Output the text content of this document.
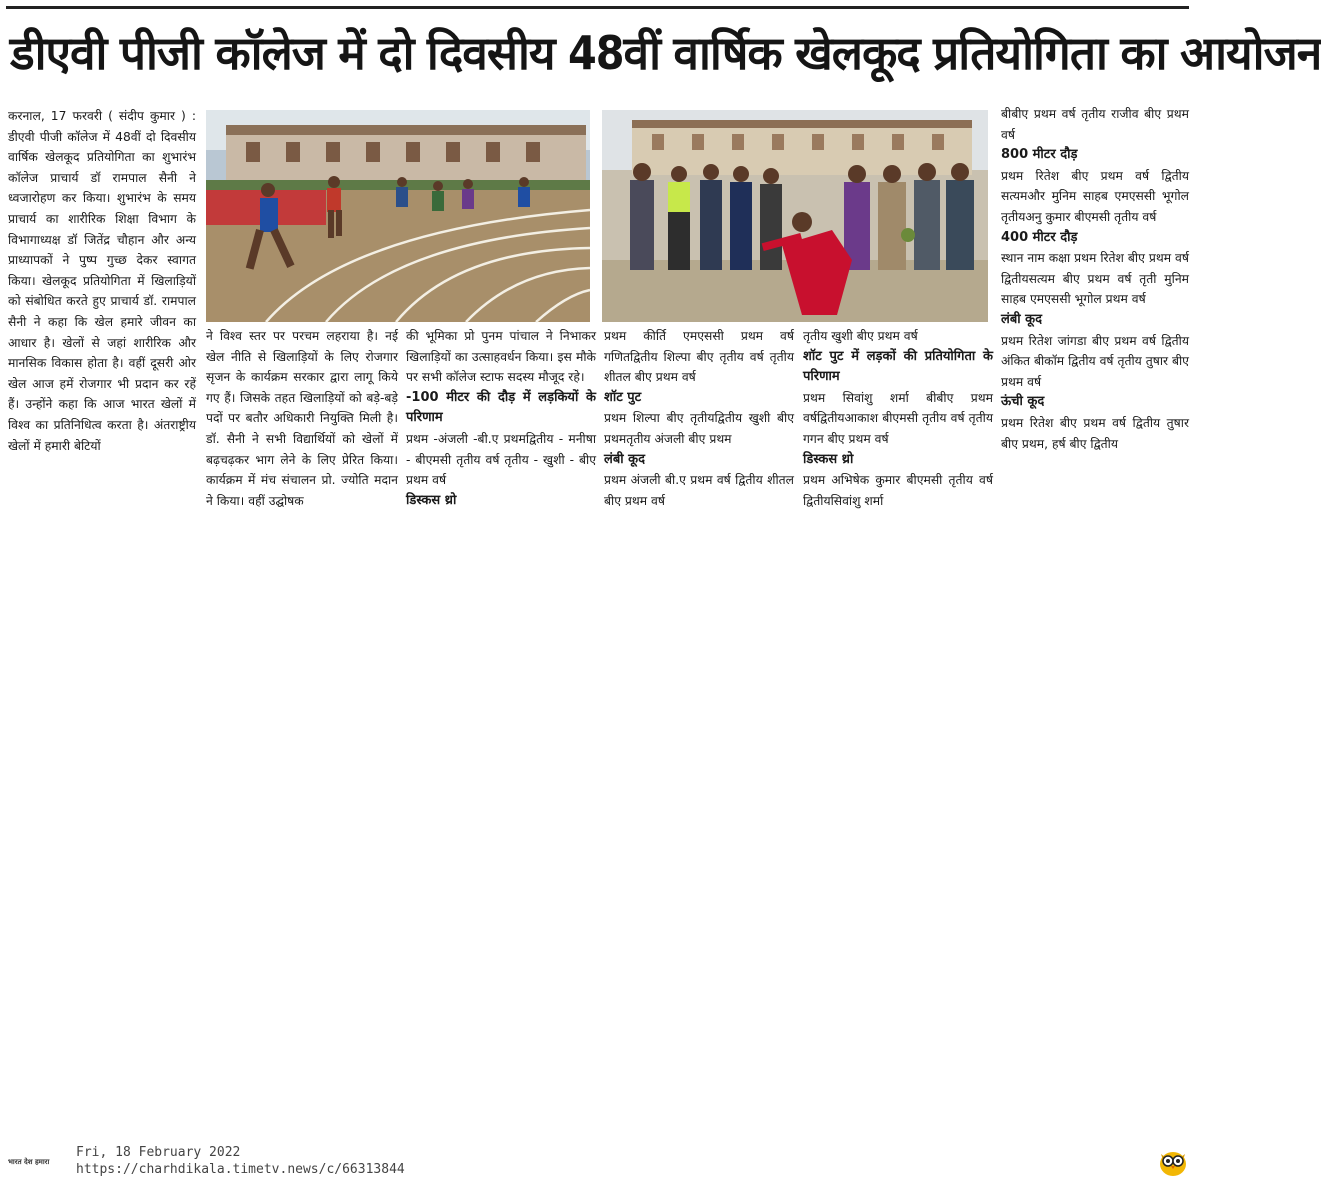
डीएवी पीजी कॉलेज में दो दिवसीय 48वीं वार्षिक खेलकूद प्रतियोगिता का आयोजन

करनाल, 17 फरवरी ( संदीप कुमार ) : डीएवी पीजी कॉलेज में 48वीं दो दिवसीय वार्षिक खेलकूद प्रतियोगिता का शुभारंभ कॉलेज प्राचार्य डॉ रामपाल सैनी ने ध्वजारोहण कर किया। शुभारंभ के समय प्राचार्य का शारीरिक शिक्षा विभाग के विभागाध्यक्ष डॉ जितेंद्र चौहान और अन्य प्राध्यापकों ने पुष्प गुच्छ देकर स्वागत किया। खेलकूद प्रतियोगिता में खिलाड़ियों को संबोधित करते हुए प्राचार्य डॉ. रामपाल सैनी ने कहा कि खेल हमारे जीवन का आधार है। खेलों से जहां शारीरिक और मानसिक विकास होता है। वहीं दूसरी ओर खेल आज हमें रोजगार भी प्रदान कर रहें हैं। उन्होंने कहा कि आज भारत खेलों में विश्व का प्रतिनिधित्व करता है। अंतराष्ट्रीय खेलों में हमारी बेटियों

ने विश्व स्तर पर परचम लहराया है। नई खेल नीति से खिलाड़ियों के लिए रोजगार सृजन के कार्यक्रम सरकार द्वारा लागू किये गए हैं। जिसके तहत खिलाड़ियों को बड़े-बड़े पदों पर बतौर अधिकारी नियुक्ति मिली है। डॉ. सैनी ने सभी विद्यार्थियों को खेलों में बढ़चढ़कर भाग लेने के लिए प्रेरित किया। कार्यक्रम में मंच संचालन प्रो. ज्योति मदान ने किया। वहीं उद्घोषक

की भूमिका प्रो पुनम पांचाल ने निभाकर खिलाड़ियों का उत्साहवर्धन किया। इस मौके पर सभी कॉलेज स्टाफ सदस्य मौजूद रहे।

-100 मीटर की दौड़ में लड़कियों के परिणाम

प्रथम -अंजली -बी.ए प्रथमद्वितीय - मनीषा - बीएमसी तृतीय वर्ष तृतीय - खुशी - बीए प्रथम वर्ष

डिस्कस थ्रो

प्रथम कीर्ति एमएससी प्रथम वर्ष गणितद्वितीय शिल्पा बीए तृतीय वर्ष तृतीय शीतल बीए प्रथम वर्ष

शॉट पुट

प्रथम शिल्पा बीए तृतीयद्वितीय खुशी बीए प्रथमतृतीय अंजली बीए प्रथम

लंबी कूद

प्रथम अंजली बी.ए प्रथम वर्ष द्वितीय शीतल बीए प्रथम वर्ष

तृतीय खुशी बीए प्रथम वर्ष

शॉट पुट में लड़कों की प्रतियोगिता के परिणाम

प्रथम सिवांशु शर्मा बीबीए प्रथम वर्षद्वितीयआकाश बीएमसी तृतीय वर्ष तृतीय गगन बीए प्रथम वर्ष

डिस्कस थ्रो

प्रथम अभिषेक कुमार बीएमसी तृतीय वर्ष द्वितीयसिवांशु शर्मा

बीबीए प्रथम वर्ष तृतीय राजीव बीए प्रथम वर्ष

800 मीटर दौड़

प्रथम रितेश बीए प्रथम वर्ष द्वितीय सत्यमऔर मुनिम साहब एमएससी भूगोल तृतीयअनु कुमार बीएमसी तृतीय वर्ष

400 मीटर दौड़

स्थान नाम कक्षा प्रथम रितेश बीए प्रथम वर्ष द्वितीयसत्यम बीए प्रथम वर्ष तृती मुनिम साहब एमएससी भूगोल प्रथम वर्ष

लंबी कूद

प्रथम रितेश जांगडा बीए प्रथम वर्ष द्वितीय अंकित बीकॉम द्वितीय वर्ष तृतीय तुषार बीए प्रथम वर्ष

ऊंची कूद

प्रथम रितेश बीए प्रथम वर्ष द्वितीय तुषार बीए प्रथम, हर्ष बीए द्वितीय

भारत देश हमारा
Fri, 18 February 2022
https://charhdikala.timetv.news/c/66313844
